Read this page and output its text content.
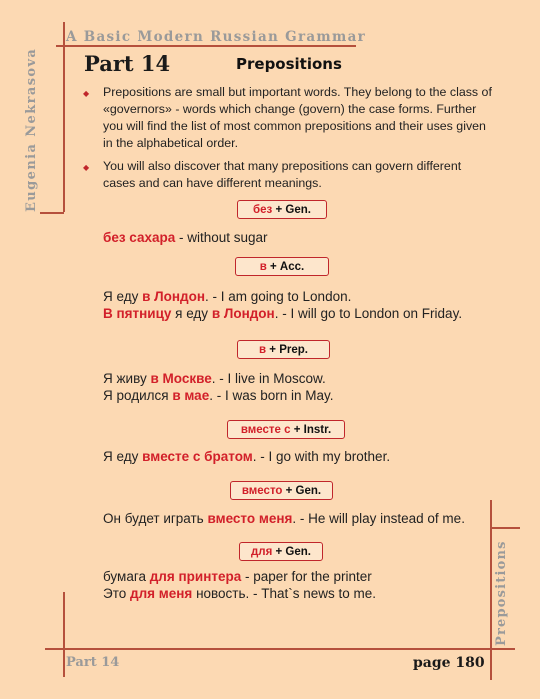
A Basic Modern Russian Grammar
Eugenia Nekrasova Part 14	Prepositions
◆ Prepositions are small but important words. They belong to the class of «governors» - words which change (govern) the case forms. Further you will find the list of most common prepositions and their uses given in the alphabetical order.
◆ You will also discover that many prepositions can govern different cases and can have different meanings.
без + Gen.
в + Acc.
в + Prep.
вместе с + Instr.
вместо + Gen.
для + Gen.
без сахара - without sugar
Я еду в Лондон. - I am going to London.
В пятницу я еду в Лондон. - I will go to London on Friday.
Я живу в Москве. - I live in Moscow.
Я родился в мае. - I was born in May.
Я еду вместе с братом. - I go with my brother.
Он будет играть вместо меня. - He will play instead of me.
бумага для принтера - paper for the printer
Это для меня новость. - That`s news to me.	Prepositions
Part 14	page 180
